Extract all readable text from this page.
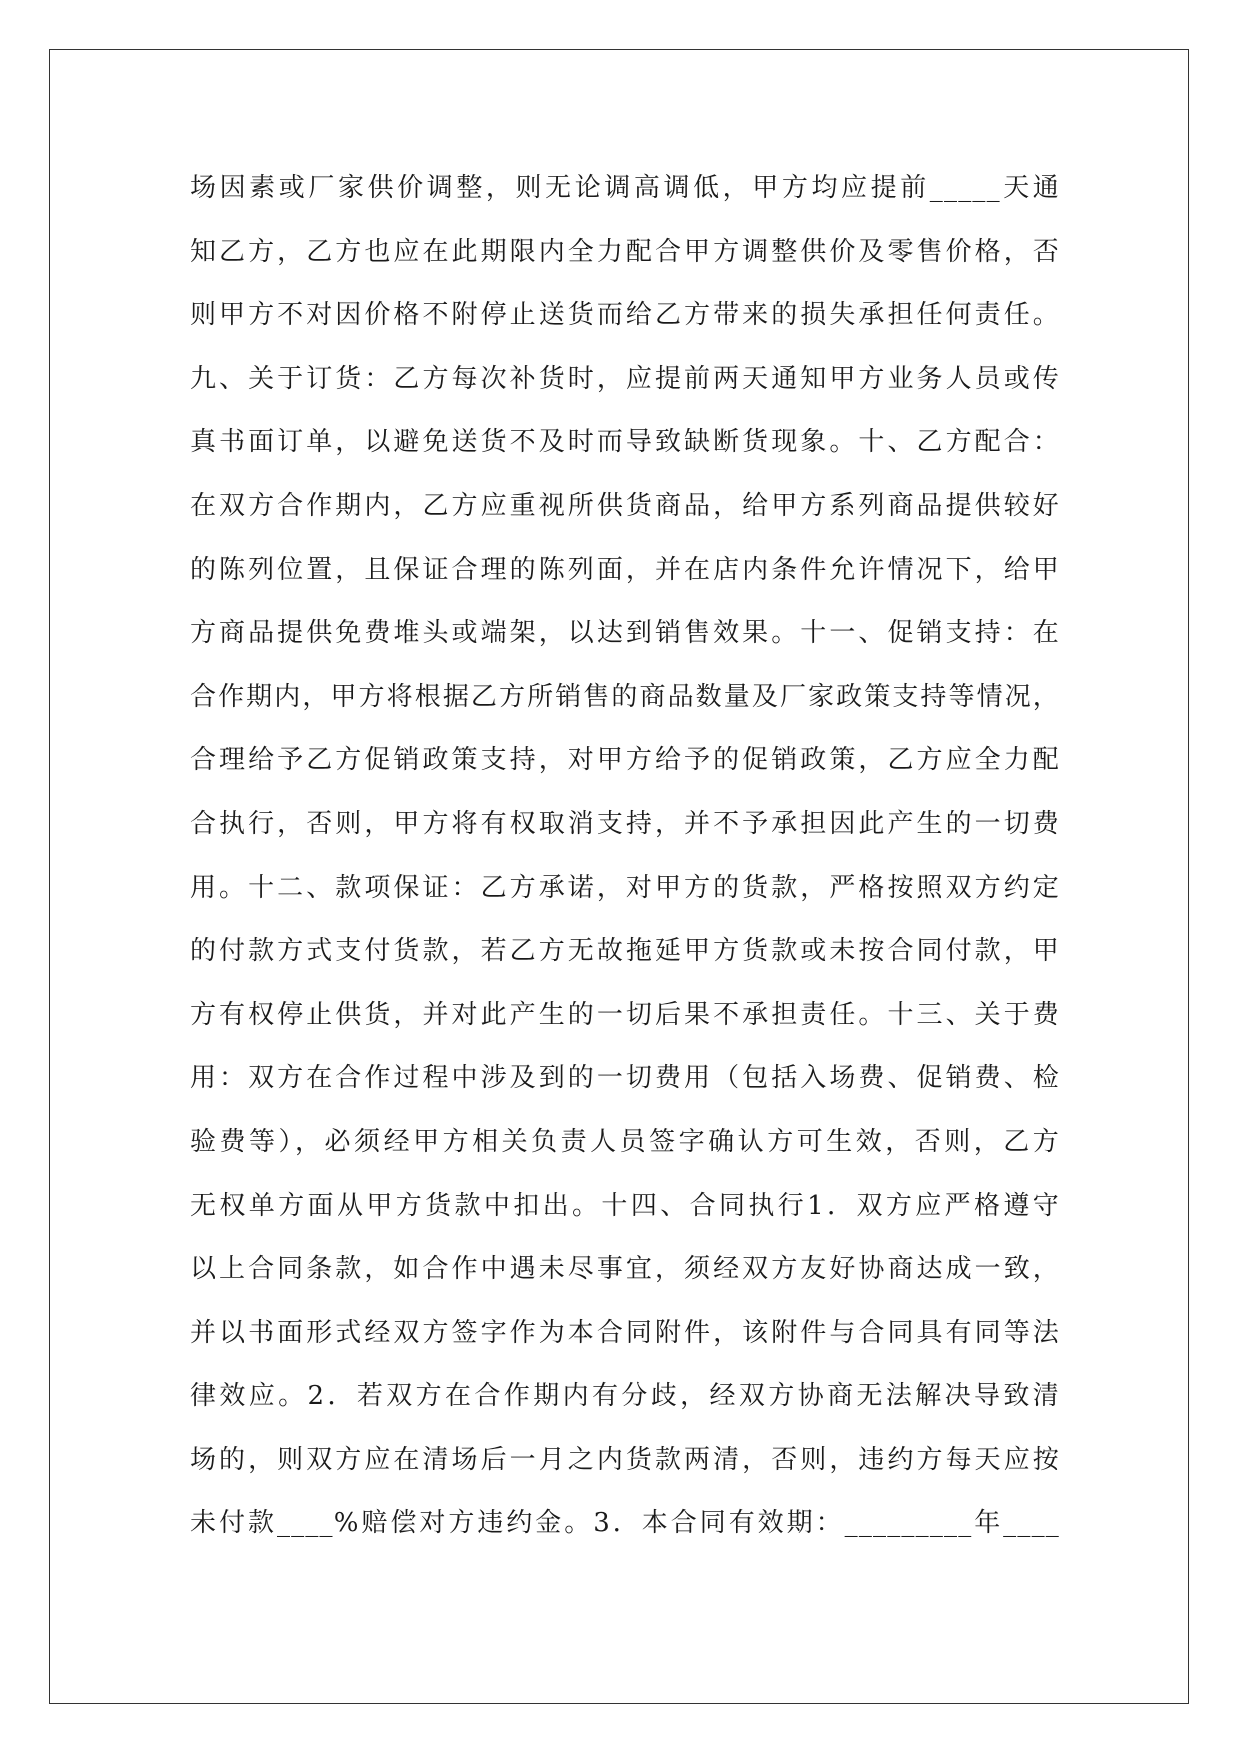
场因素或厂家供价调整，则无论调高调低，甲方均应提前_____天通
知乙方，乙方也应在此期限内全力配合甲方调整供价及零售价格，否
则甲方不对因价格不附停止送货而给乙方带来的损失承担任何责任。
九、关于订货：乙方每次补货时，应提前两天通知甲方业务人员或传
真书面订单，以避免送货不及时而导致缺断货现象。十、乙方配合：
在双方合作期内，乙方应重视所供货商品，给甲方系列商品提供较好
的陈列位置，且保证合理的陈列面，并在店内条件允许情况下，给甲
方商品提供免费堆头或端架，以达到销售效果。十一、促销支持：在
合作期内，甲方将根据乙方所销售的商品数量及厂家政策支持等情况，
合理给予乙方促销政策支持，对甲方给予的促销政策，乙方应全力配
合执行，否则，甲方将有权取消支持，并不予承担因此产生的一切费
用。十二、款项保证：乙方承诺，对甲方的货款，严格按照双方约定
的付款方式支付货款，若乙方无故拖延甲方货款或未按合同付款，甲
方有权停止供货，并对此产生的一切后果不承担责任。十三、关于费
用：双方在合作过程中涉及到的一切费用（包括入场费、促销费、检
验费等），必须经甲方相关负责人员签字确认方可生效，否则，乙方
无权单方面从甲方货款中扣出。十四、合同执行1．双方应严格遵守
以上合同条款，如合作中遇未尽事宜，须经双方友好协商达成一致，
并以书面形式经双方签字作为本合同附件，该附件与合同具有同等法
律效应。2．若双方在合作期内有分歧，经双方协商无法解决导致清
场的，则双方应在清场后一月之内货款两清，否则，违约方每天应按
未付款____%赔偿对方违约金。3．本合同有效期：_________年____
